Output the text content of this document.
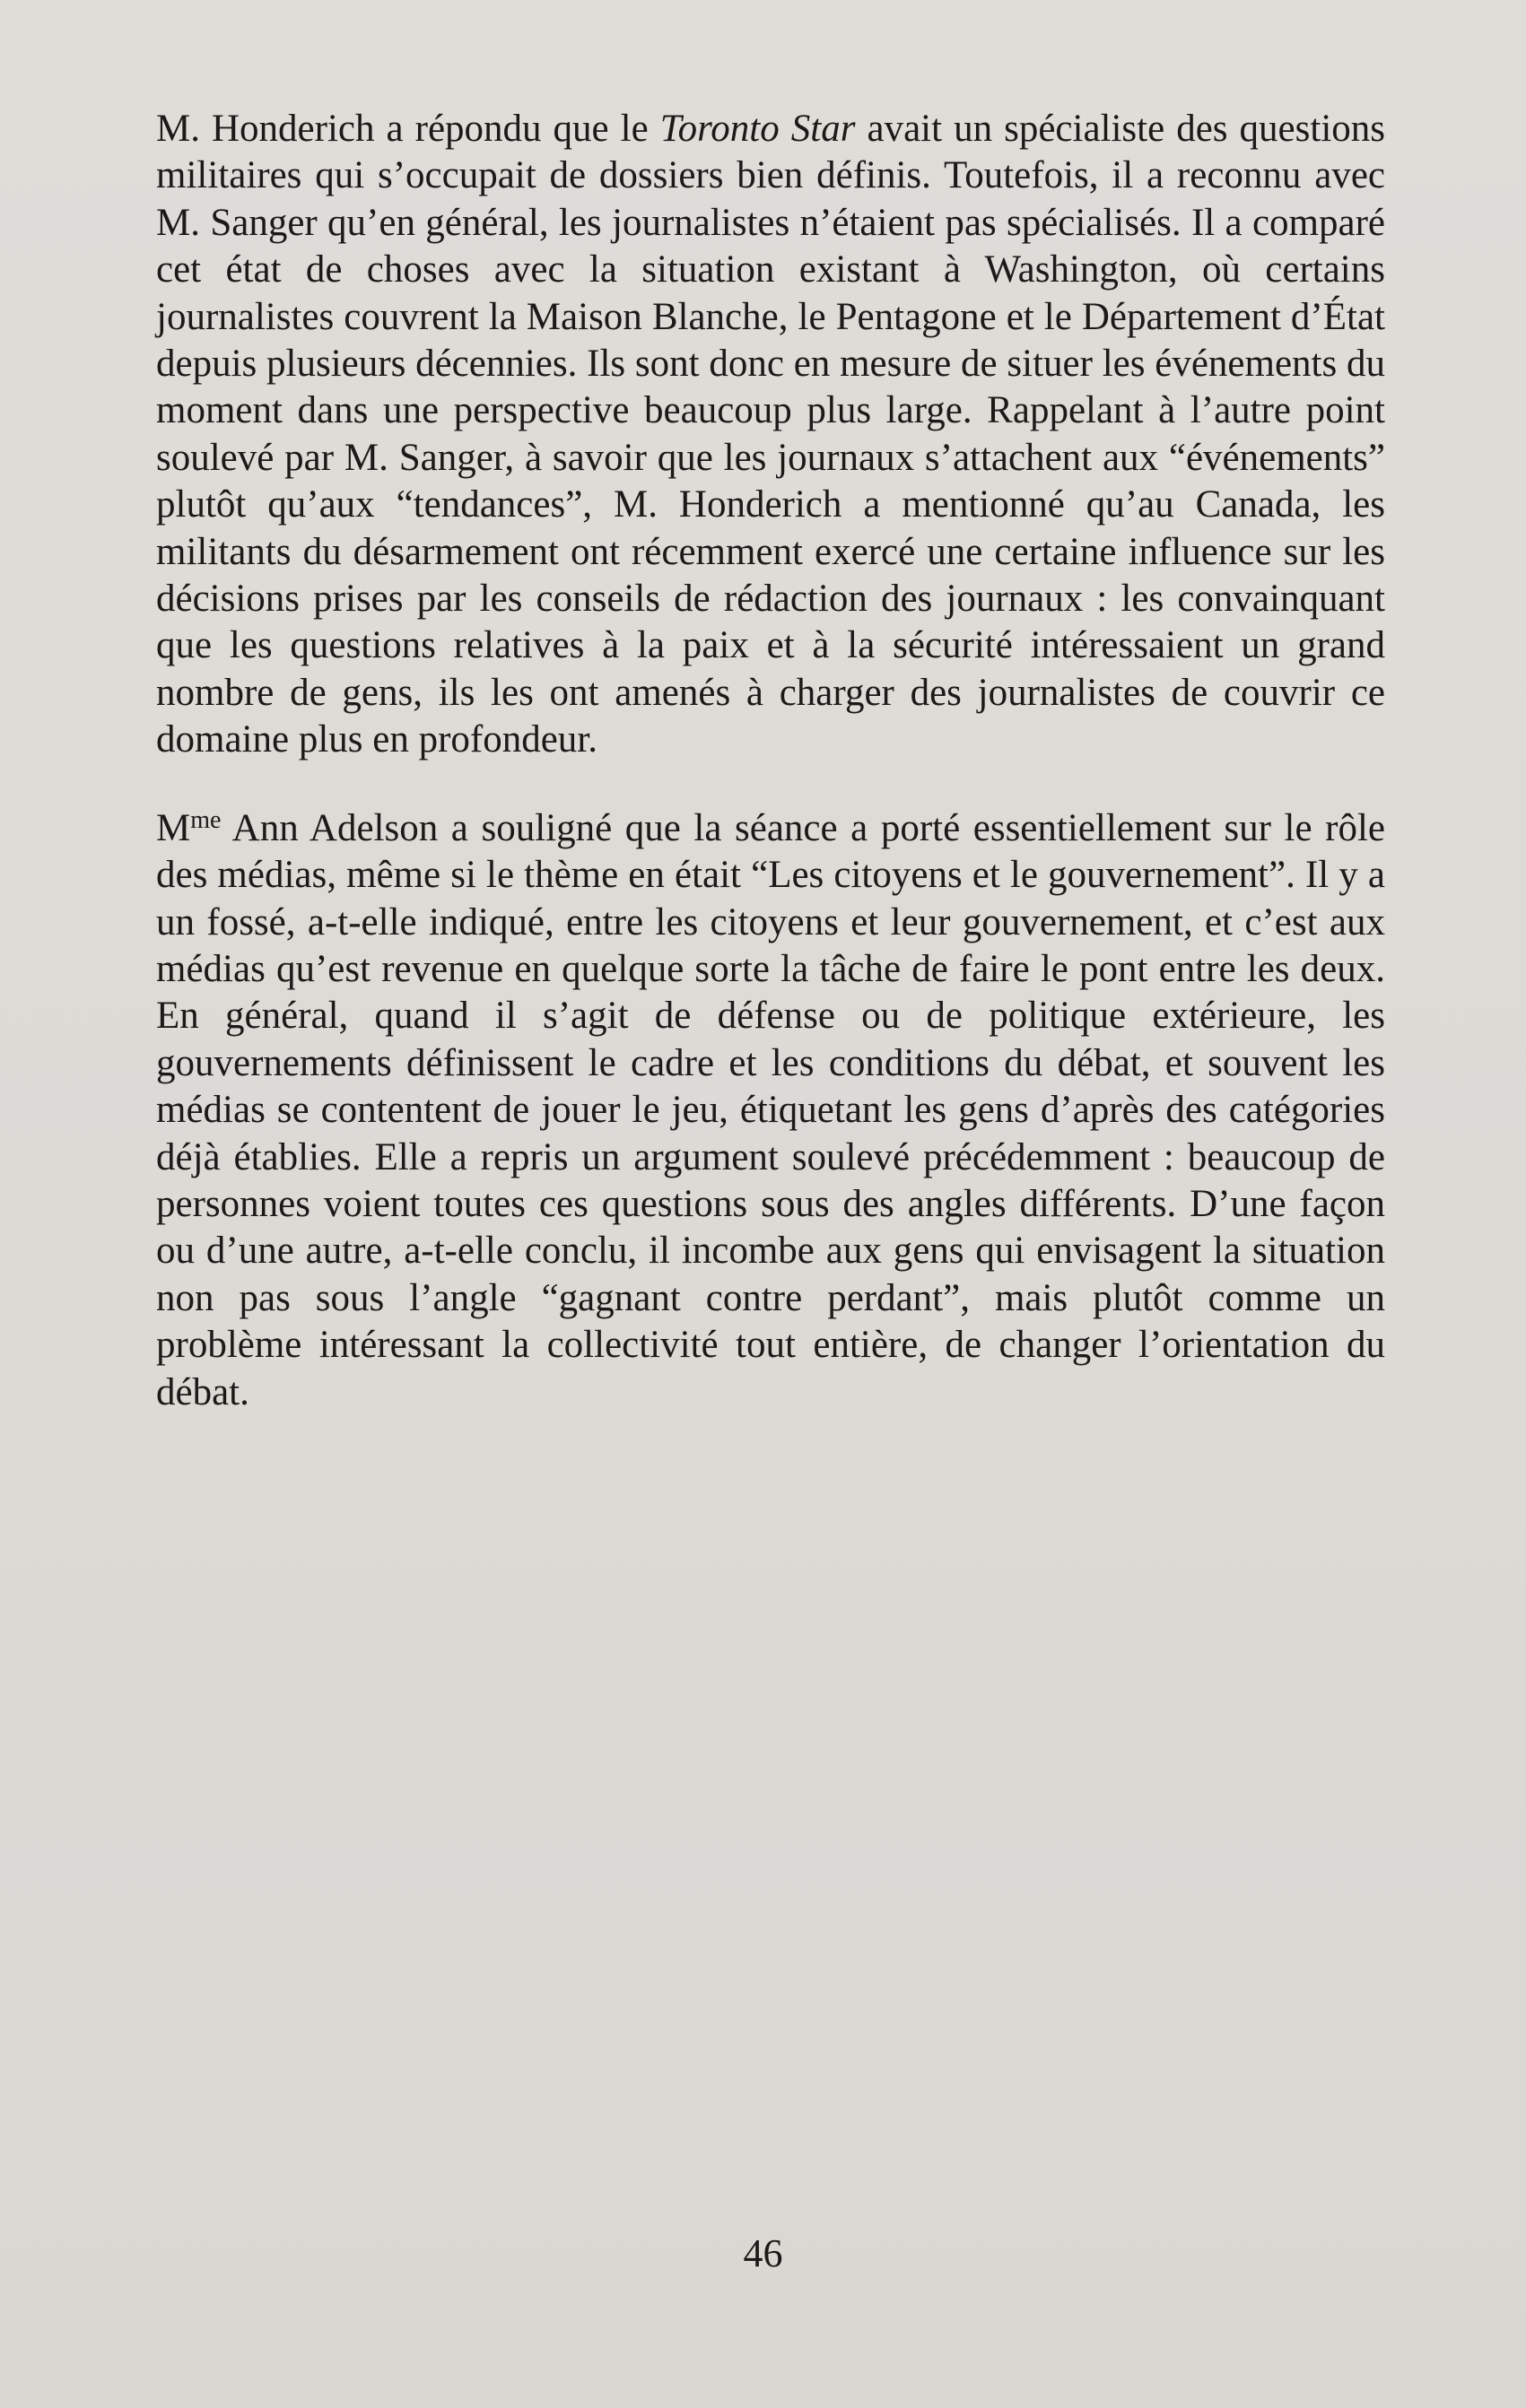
M. Honderich a répondu que le Toronto Star avait un spécialiste des questions militaires qui s’occupait de dossiers bien définis. Toutefois, il a reconnu avec M. Sanger qu’en général, les journalistes n’étaient pas spécialisés. Il a comparé cet état de choses avec la situation existant à Washington, où certains journalistes couvrent la Maison Blanche, le Pentagone et le Département d’État depuis plusieurs décennies. Ils sont donc en mesure de situer les événements du moment dans une perspective beaucoup plus large. Rappelant à l’autre point soulevé par M. Sanger, à savoir que les journaux s’attachent aux “événements” plutôt qu’aux “tendances”, M. Honderich a mentionné qu’au Canada, les militants du désarmement ont récemment exercé une certaine influence sur les décisions prises par les conseils de rédaction des journaux : les convainquant que les questions relatives à la paix et à la sécurité intéressaient un grand nombre de gens, ils les ont amenés à charger des journalistes de couvrir ce domaine plus en profondeur.

$M^{me}$ Ann Adelson a souligné que la séance a porté essentiellement sur le rôle des médias, même si le thème en était “Les citoyens et le gouvernement”. Il y a un fossé, a-t-elle indiqué, entre les citoyens et leur gouvernement, et c’est aux médias qu’est revenue en quelque sorte la tâche de faire le pont entre les deux. En général, quand il s’agit de défense ou de politique extérieure, les gouvernements définissent le cadre et les conditions du débat, et souvent les médias se contentent de jouer le jeu, étiquetant les gens d’après des catégories déjà établies. Elle a repris un argument soulevé précédemment : beaucoup de personnes voient toutes ces questions sous des angles différents. D’une façon ou d’une autre, a-t-elle conclu, il incombe aux gens qui envisagent la situation non pas sous l’angle “gagnant contre perdant”, mais plutôt comme un problème intéressant la collectivité tout entière, de changer l’orientation du débat.

46
